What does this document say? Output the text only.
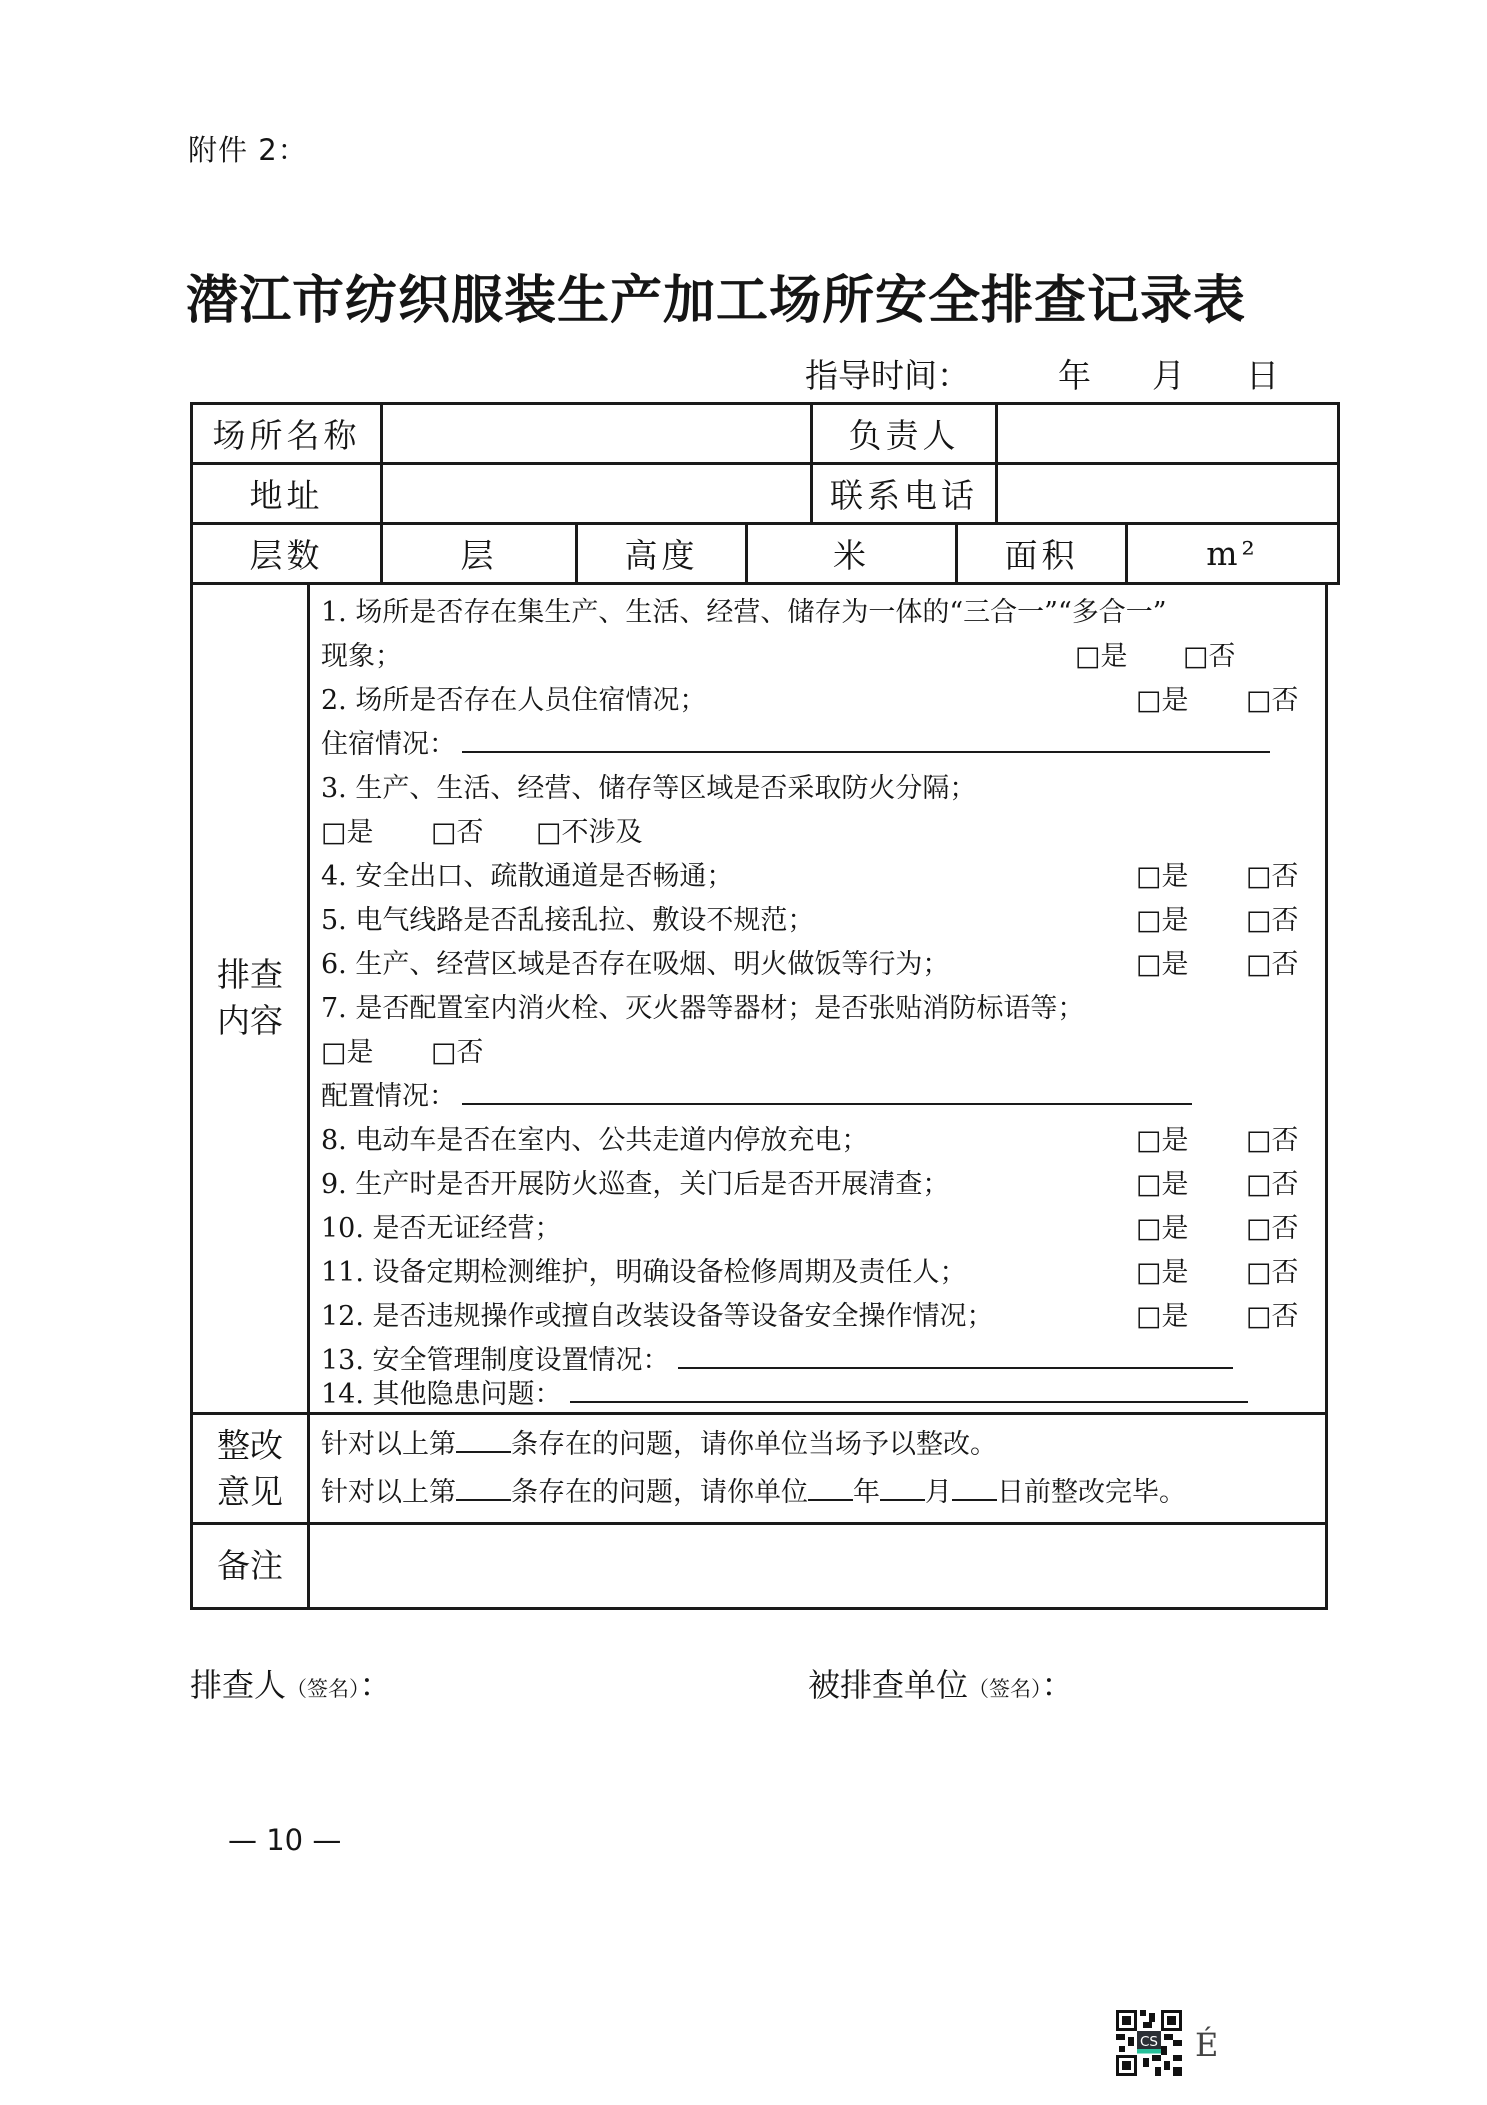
附件 2：
潜江市纺织服装生产加工场所安全排查记录表
指导时间：	年 月 日
场所名称				负责人			
地址				联系电话			
层数	层	高度	米		面积		m²
排查内容
1. 场所是否存在集生产、生活、经营、储存为一体的“三合一”“多合一”
现象；	□是 □否
2. 场所是否存在人员住宿情况；	□是 □否
住宿情况：
3. 生产、生活、经营、储存等区域是否采取防火分隔；
□是 □否 □不涉及
4. 安全出口、疏散通道是否畅通；	□是 □否
5. 电气线路是否乱接乱拉、敷设不规范；	□是 □否
6. 生产、经营区域是否存在吸烟、明火做饭等行为；	□是 □否
7. 是否配置室内消火栓、灭火器等器材；是否张贴消防标语等；
□是 □否
配置情况：
8. 电动车是否在室内、公共走道内停放充电；	□是 □否
9. 生产时是否开展防火巡查，关门后是否开展清查；	□是 □否
10. 是否无证经营；	□是 □否
11. 设备定期检测维护，明确设备检修周期及责任人；	□是 □否
12. 是否违规操作或擅自改装设备等设备安全操作情况；	□是 □否
13. 安全管理制度设置情况：
14. 其他隐患问题：
整改意见
针对以上第 条存在的问题，请你单位当场予以整改。
针对以上第 条存在的问题，请你单位 年 月 日前整改完毕。
备注
排查人（签名）：	被排查单位（签名）：
— 10 —
CS É
